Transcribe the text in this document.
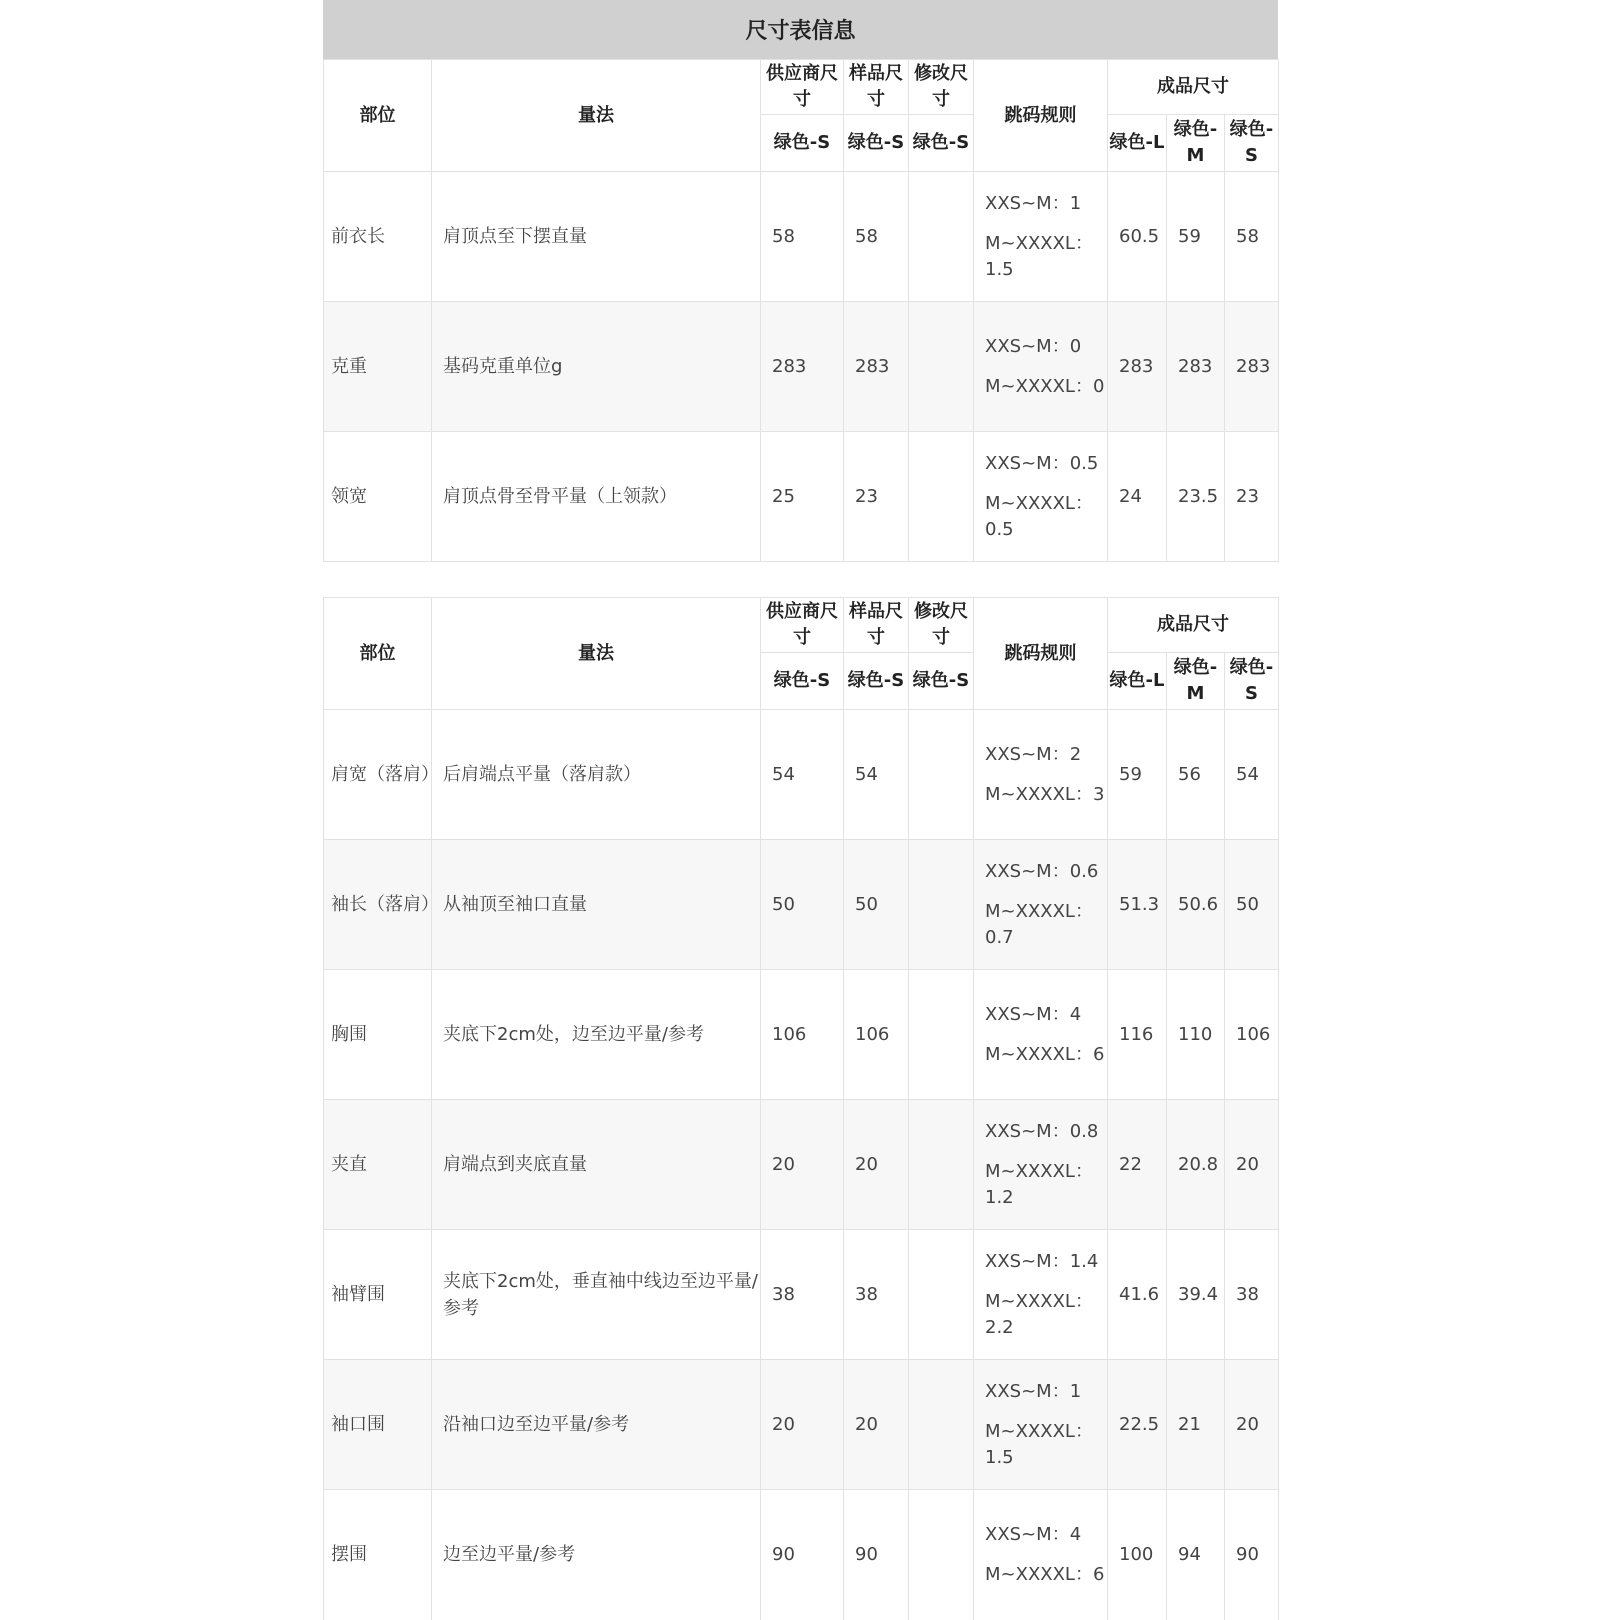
尺寸表信息
部位	量法	供应商尺寸	样品尺寸	修改尺寸	跳码规则	成品尺寸		
		绿色-S	绿色-S	绿色-S		绿色-L	绿色-M	绿色-S
前衣长	肩顶点至下摆直量	58	58		XXS~M：1
M~XXXXL：1.5	60.5	59	58
克重	基码克重单位g	283	283		XXS~M：0
M~XXXXL：0	283	283	283
领宽	肩顶点骨至骨平量（上领款）	25	23		XXS~M：0.5
M~XXXXL：0.5	24	23.5	23
部位	量法	供应商尺寸	样品尺寸	修改尺寸	跳码规则	成品尺寸		
		绿色-S	绿色-S	绿色-S		绿色-L	绿色-M	绿色-S
肩宽（落肩）	后肩端点平量（落肩款）	54	54		XXS~M：2
M~XXXXL：3	59	56	54
袖长（落肩）	从袖顶至袖口直量	50	50		XXS~M：0.6
M~XXXXL：0.7	51.3	50.6	50
胸围	夹底下2cm处，边至边平量/参考	106	106		XXS~M：4
M~XXXXL：6	116	110	106
夹直	肩端点到夹底直量	20	20		XXS~M：0.8
M~XXXXL：1.2	22	20.8	20
袖臂围	夹底下2cm处，垂直袖中线边至边平量/参考	38	38		XXS~M：1.4
M~XXXXL：2.2	41.6	39.4	38
袖口围	沿袖口边至边平量/参考	20	20		XXS~M：1
M~XXXXL：1.5	22.5	21	20
摆围	边至边平量/参考	90	90		XXS~M：4
M~XXXXL：6	100	94	90
